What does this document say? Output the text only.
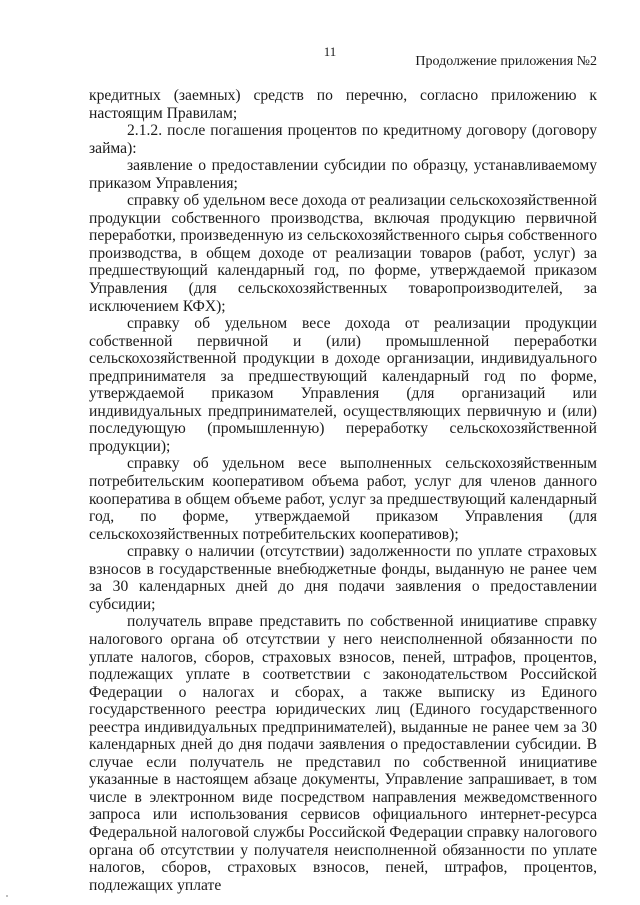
11
Продолжение приложения №2

кредитных (заемных) средств по перечню, согласно приложению к настоящим Правилам;

2.1.2. после погашения процентов по кредитному договору (договору займа):

заявление о предоставлении субсидии по образцу, устанавливаемому приказом Управления;

справку об удельном весе дохода от реализации сельскохозяйственной продукции собственного производства, включая продукцию первичной переработки, произведенную из сельскохозяйственного сырья собственного производства, в общем доходе от реализации товаров (работ, услуг) за предшествующий календарный год, по форме, утверждаемой приказом Управления (для сельскохозяйственных товаропроизводителей, за исключением КФХ);

справку об удельном весе дохода от реализации продукции собственной первичной и (или) промышленной переработки сельскохозяйственной продукции в доходе организации, индивидуального предпринимателя за предшествующий календарный год по форме, утверждаемой приказом Управления (для организаций или индивидуальных предпринимателей, осуществляющих первичную и (или) последующую (промышленную) переработку сельскохозяйственной продукции);

справку об удельном весе выполненных сельскохозяйственным потребительским кооперативом объема работ, услуг для членов данного кооператива в общем объеме работ, услуг за предшествующий календарный год, по форме, утверждаемой приказом Управления (для сельскохозяйственных потребительских кооперативов);

справку о наличии (отсутствии) задолженности по уплате страховых взносов в государственные внебюджетные фонды, выданную не ранее чем за 30 календарных дней до дня подачи заявления о предоставлении субсидии;

получатель вправе представить по собственной инициативе справку налогового органа об отсутствии у него неисполненной обязанности по уплате налогов, сборов, страховых взносов, пеней, штрафов, процентов, подлежащих уплате в соответствии с законодательством Российской Федерации о налогах и сборах, а также выписку из Единого государственного реестра юридических лиц (Единого государственного реестра индивидуальных предпринимателей), выданные не ранее чем за 30 календарных дней до дня подачи заявления о предоставлении субсидии. В случае если получатель не представил по собственной инициативе указанные в настоящем абзаце документы, Управление запрашивает, в том числе в электронном виде посредством направления межведомственного запроса или использования сервисов официального интернет-ресурса Федеральной налоговой службы Российской Федерации справку налогового органа об отсутствии у получателя неисполненной обязанности по уплате налогов, сборов, страховых взносов, пеней, штрафов, процентов, подлежащих уплате
